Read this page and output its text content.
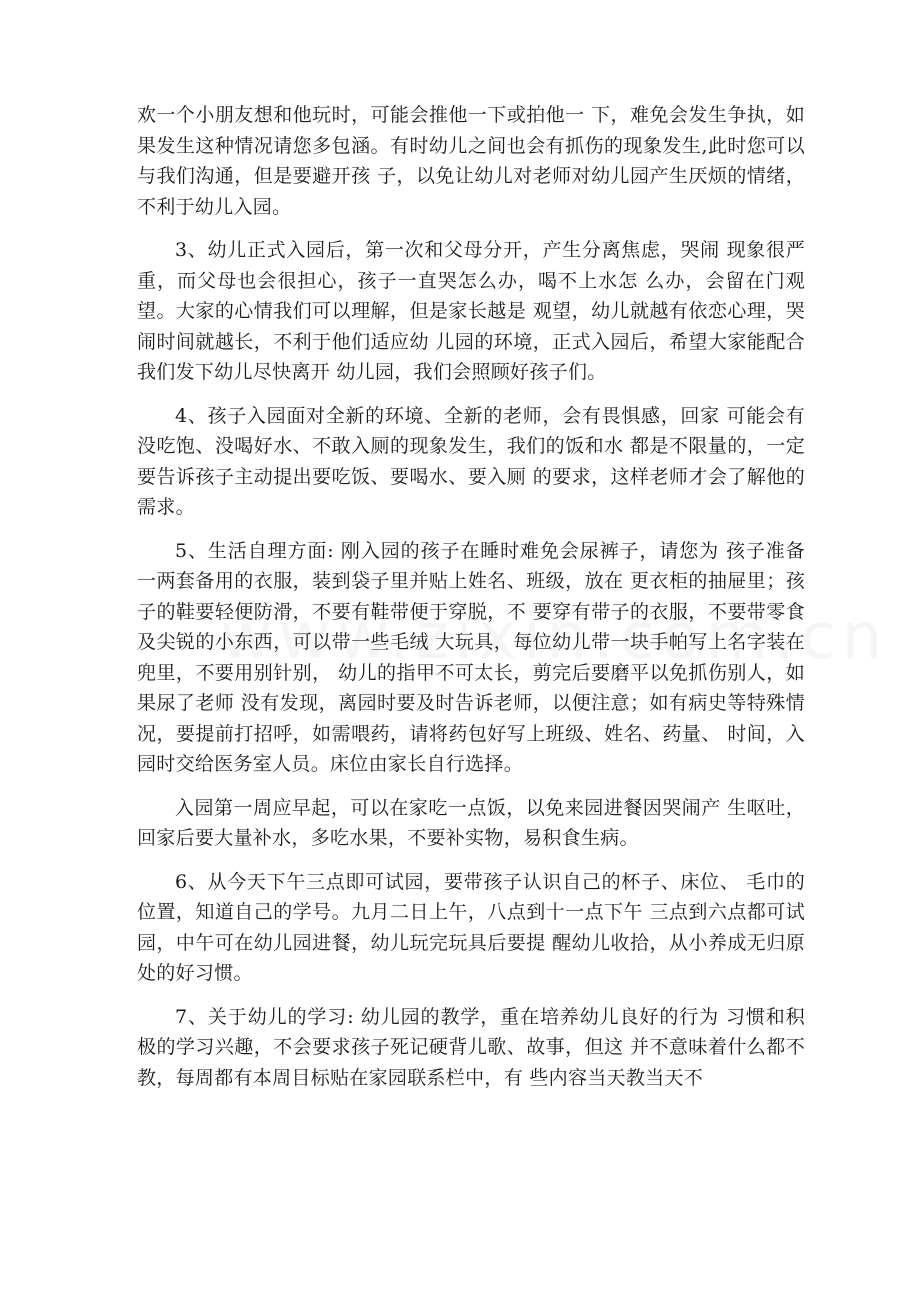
欢一个小朋友想和他玩时，可能会推他一下或拍他一 下，难免会发生争执，如果发生这种情况请您多包涵。有时幼儿之间也会有抓伤的现象发生,此时您可以与我们沟通，但是要避开孩 子，以免让幼儿对老师对幼儿园产生厌烦的情绪，不利于幼儿入园。

3、幼儿正式入园后，第一次和父母分开，产生分离焦虑，哭闹 现象很严重，而父母也会很担心，孩子一直哭怎么办，喝不上水怎 么办，会留在门观望。大家的心情我们可以理解，但是家长越是 观望，幼儿就越有依恋心理，哭闹时间就越长，不利于他们适应幼 儿园的环境，正式入园后，希望大家能配合我们发下幼儿尽快离开 幼儿园，我们会照顾好孩子们。

4、孩子入园面对全新的环境、全新的老师，会有畏惧感，回家 可能会有没吃饱、没喝好水、不敢入厕的现象发生，我们的饭和水 都是不限量的，一定要告诉孩子主动提出要吃饭、要喝水、要入厕 的要求，这样老师才会了解他的需求。

5、生活自理方面: 刚入园的孩子在睡时难免会尿裤子，请您为 孩子准备一两套备用的衣服，装到袋子里并贴上姓名、班级，放在 更衣柜的抽屉里；孩子的鞋要轻便防滑，不要有鞋带便于穿脱，不 要穿有带子的衣服，不要带零食及尖锐的小东西，可以带一些毛绒 大玩具，每位幼儿带一块手帕写上名字装在兜里，不要用别针别， 幼儿的指甲不可太长，剪完后要磨平以免抓伤别人，如果尿了老师 没有发现，离园时要及时告诉老师，以便注意；如有病史等特殊情 况，要提前打招呼，如需喂药，请将药包好写上班级、姓名、药量、 时间，入园时交给医务室人员。床位由家长自行选择。

入园第一周应早起，可以在家吃一点饭，以免来园进餐因哭闹产 生呕吐，回家后要大量补水，多吃水果，不要补实物，易积食生病。

6、从今天下午三点即可试园，要带孩子认识自己的杯子、床位、 毛巾的位置，知道自己的学号。九月二日上午，八点到十一点下午 三点到六点都可试园，中午可在幼儿园进餐，幼儿玩完玩具后要提 醒幼儿收拾，从小养成无归原处的好习惯。

7、关于幼儿的学习: 幼儿园的教学，重在培养幼儿良好的行为 习惯和积极的学习兴趣，不会要求孩子死记硬背儿歌、故事，但这 并不意味着什么都不教，每周都有本周目标贴在家园联系栏中，有 些内容当天教当天不
